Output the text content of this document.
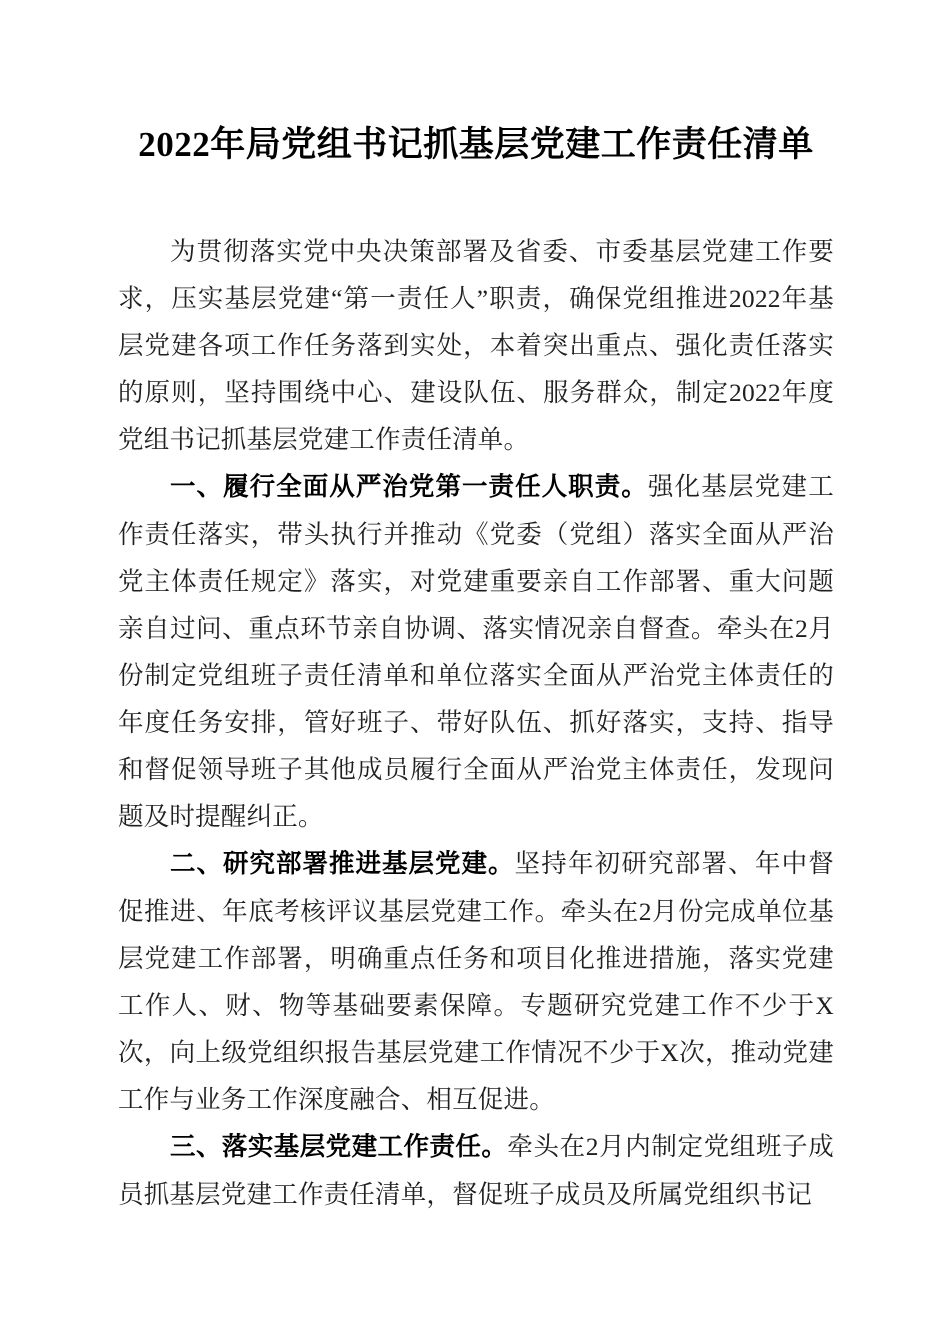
2022年局党组书记抓基层党建工作责任清单

为贯彻落实党中央决策部署及省委、市委基层党建工作要求，压实基层党建“第一责任人”职责，确保党组推进2022年基层党建各项工作任务落到实处，本着突出重点、强化责任落实的原则，坚持围绕中心、建设队伍、服务群众，制定2022年度党组书记抓基层党建工作责任清单。

一、履行全面从严治党第一责任人职责。强化基层党建工作责任落实，带头执行并推动《党委（党组）落实全面从严治党主体责任规定》落实，对党建重要亲自工作部署、重大问题亲自过问、重点环节亲自协调、落实情况亲自督查。牵头在2月份制定党组班子责任清单和单位落实全面从严治党主体责任的年度任务安排，管好班子、带好队伍、抓好落实，支持、指导和督促领导班子其他成员履行全面从严治党主体责任，发现问题及时提醒纠正。

二、研究部署推进基层党建。坚持年初研究部署、年中督促推进、年底考核评议基层党建工作。牵头在2月份完成单位基层党建工作部署，明确重点任务和项目化推进措施，落实党建工作人、财、物等基础要素保障。专题研究党建工作不少于X次，向上级党组织报告基层党建工作情况不少于X次，推动党建工作与业务工作深度融合、相互促进。

三、落实基层党建工作责任。牵头在2月内制定党组班子成员抓基层党建工作责任清单，督促班子成员及所属党组织书记
